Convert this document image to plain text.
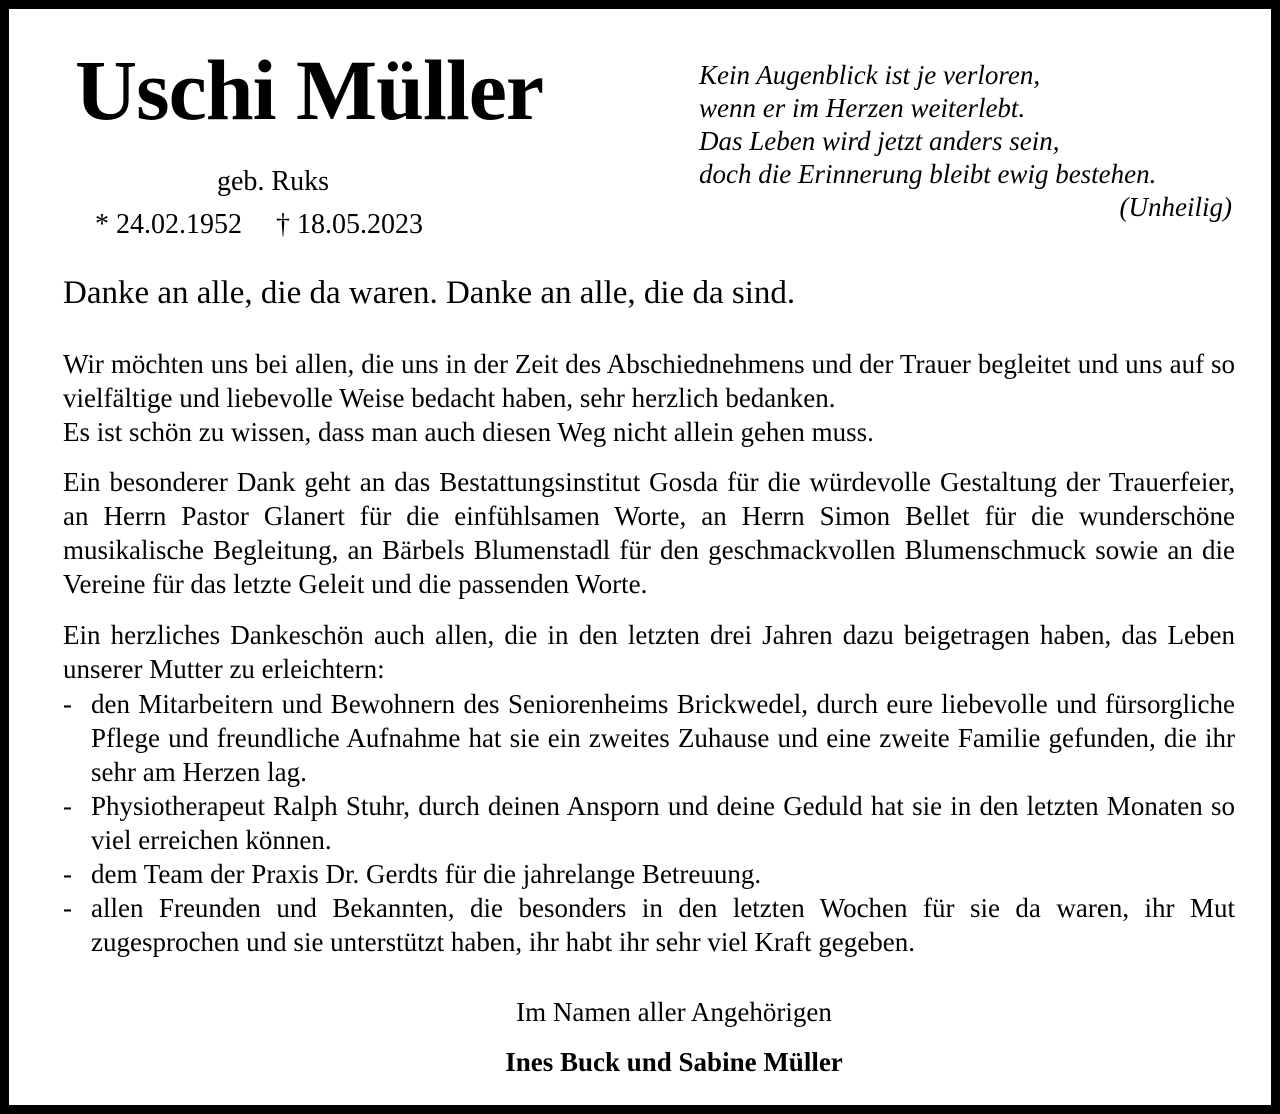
Uschi Müller
geb. Ruks
* 24.02.1952 † 18.05.2023
Kein Augenblick ist je verloren,
wenn er im Herzen weiterlebt.
Das Leben wird jetzt anders sein,
doch die Erinnerung bleibt ewig bestehen.
(Unheilig)
Danke an alle, die da waren. Danke an alle, die da sind.

Wir möchten uns bei allen, die uns in der Zeit des Abschiednehmens und der Trauer begleitet und uns auf so vielfältige und liebevolle Weise bedacht haben, sehr herzlich bedanken.

Es ist schön zu wissen, dass man auch diesen Weg nicht allein gehen muss.

Ein besonderer Dank geht an das Bestattungsinstitut Gosda für die würdevolle Gestaltung der Trauerfeier, an Herrn Pastor Glanert für die einfühlsamen Worte, an Herrn Simon Bellet für die wunderschöne musikalische Begleitung, an Bärbels Blumenstadl für den geschmackvollen Blumenschmuck sowie an die Vereine für das letzte Geleit und die passenden Worte.

Ein herzliches Dankeschön auch allen, die in den letzten drei Jahren dazu beigetragen haben, das Leben unserer Mutter zu erleichtern:

- den Mitarbeitern und Bewohnern des Seniorenheims Brickwedel, durch eure liebevolle und fürsorgliche Pflege und freundliche Aufnahme hat sie ein zweites Zuhause und eine zweite Familie gefunden, die ihr sehr am Herzen lag.
- Physiotherapeut Ralph Stuhr, durch deinen Ansporn und deine Geduld hat sie in den letzten Monaten so viel erreichen können.
- dem Team der Praxis Dr. Gerdts für die jahrelange Betreuung.
- allen Freunden und Bekannten, die besonders in den letzten Wochen für sie da waren, ihr Mut zugesprochen und sie unterstützt haben, ihr habt ihr sehr viel Kraft gegeben.
Im Namen aller Angehörigen
Ines Buck und Sabine Müller
